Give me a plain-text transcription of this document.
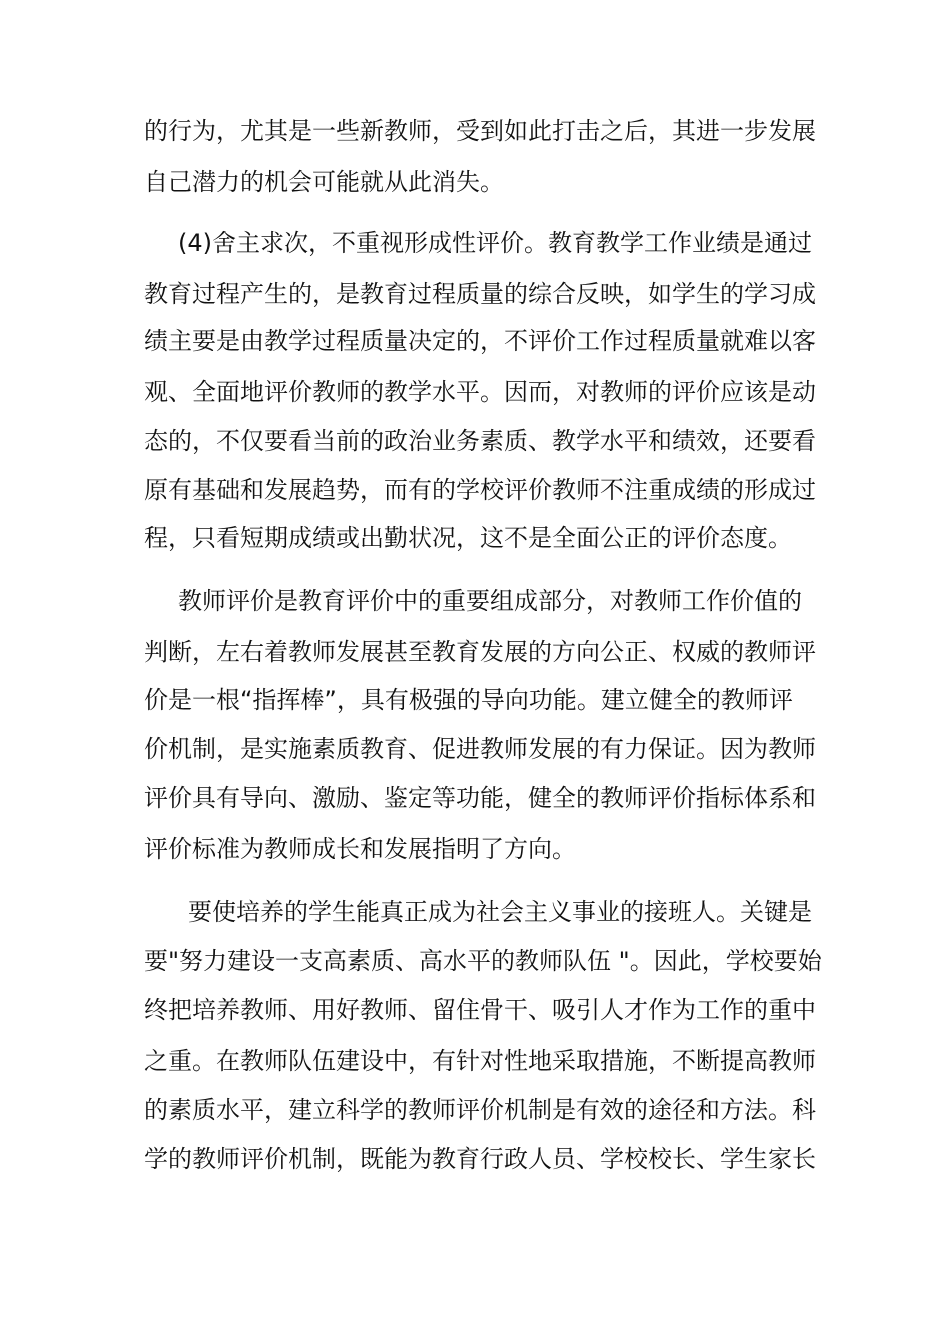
的行为，尤其是一些新教师，受到如此打击之后，其进一步发展
自己潜力的机会可能就从此消失。
(4)舍主求次，不重视形成性评价。教育教学工作业绩是通过
教育过程产生的，是教育过程质量的综合反映，如学生的学习成
绩主要是由教学过程质量决定的，不评价工作过程质量就难以客
观、全面地评价教师的教学水平。因而，对教师的评价应该是动
态的，不仅要看当前的政治业务素质、教学水平和绩效，还要看
原有基础和发展趋势，而有的学校评价教师不注重成绩的形成过
程，只看短期成绩或出勤状况，这不是全面公正的评价态度。
教师评价是教育评价中的重要组成部分，对教师工作价值的
判断，左右着教师发展甚至教育发展的方向公正、权威的教师评
价是一根“指挥棒”，具有极强的导向功能。建立健全的教师评
价机制，是实施素质教育、促进教师发展的有力保证。因为教师
评价具有导向、激励、鉴定等功能，健全的教师评价指标体系和
评价标准为教师成长和发展指明了方向。
要使培养的学生能真正成为社会主义事业的接班人。关键是
要"努力建设一支高素质、高水平的教师队伍 "。因此，学校要始
终把培养教师、用好教师、留住骨干、吸引人才作为工作的重中
之重。在教师队伍建设中，有针对性地采取措施，不断提高教师
的素质水平，建立科学的教师评价机制是有效的途径和方法。科
学的教师评价机制，既能为教育行政人员、学校校长、学生家长
